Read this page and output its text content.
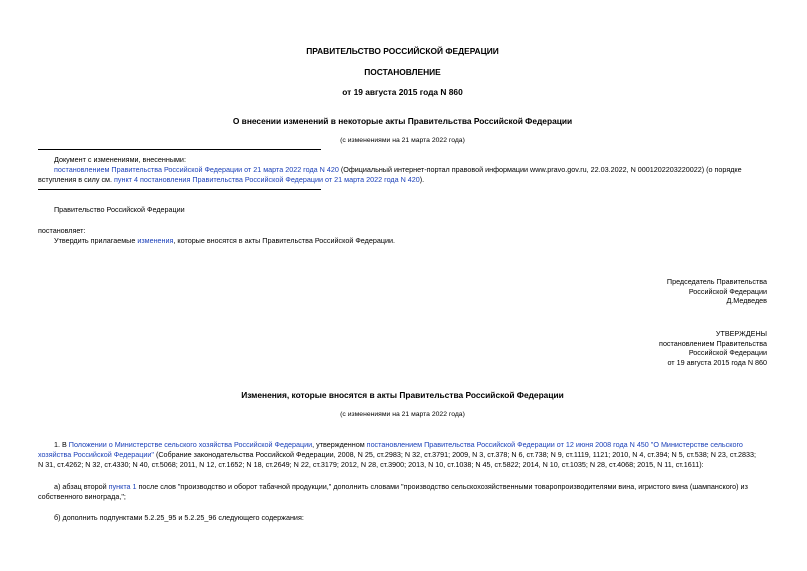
ПРАВИТЕЛЬСТВО РОССИЙСКОЙ ФЕДЕРАЦИИ
ПОСТАНОВЛЕНИЕ
от 19 августа 2015 года N 860
О внесении изменений в некоторые акты Правительства Российской Федерации
(с изменениями на 21 марта 2022 года)
Документ с изменениями, внесенными:
постановлением Правительства Российской Федерации от 21 марта 2022 года N 420 (Официальный интернет-портал правовой информации www.pravo.gov.ru, 22.03.2022, N 0001202203220022) (о порядке
вступления в силу см. пункт 4 постановления Правительства Российской Федерации от 21 марта 2022 года N 420).
Правительство Российской Федерации
постановляет:
Утвердить прилагаемые изменения, которые вносятся в акты Правительства Российской Федерации.
Председатель Правительства
Российской Федерации
Д.Медведев
УТВЕРЖДЕНЫ
постановлением Правительства
Российской Федерации
от 19 августа 2015 года N 860
Изменения, которые вносятся в акты Правительства Российской Федерации
(с изменениями на 21 марта 2022 года)
1. В Положении о Министерстве сельского хозяйства Российской Федерации, утвержденном постановлением Правительства Российской Федерации от 12 июня 2008 года N 450 "О Министерстве сельского
хозяйства Российской Федерации" (Собрание законодательства Российской Федерации, 2008, N 25, ст.2983; N 32, ст.3791; 2009, N 3, ст.378; N 6, ст.738; N 9, ст.1119, 1121; 2010, N 4, ст.394; N 5, ст.538; N 23, ст.2833;
N 31, ст.4262; N 32, ст.4330; N 40, ст.5068; 2011, N 12, ст.1652; N 18, ст.2649; N 22, ст.3179; 2012, N 28, ст.3900; 2013, N 10, ст.1038; N 45, ст.5822; 2014, N 10, ст.1035; N 28, ст.4068; 2015, N 11, ст.1611):
а) абзац второй пункта 1 после слов "производство и оборот табачной продукции," дополнить словами "производство сельскохозяйственными товаропроизводителями вина, игристого вина (шампанского) из
собственного винограда,";
б) дополнить подпунктами 5.2.25_95 и 5.2.25_96 следующего содержания:
